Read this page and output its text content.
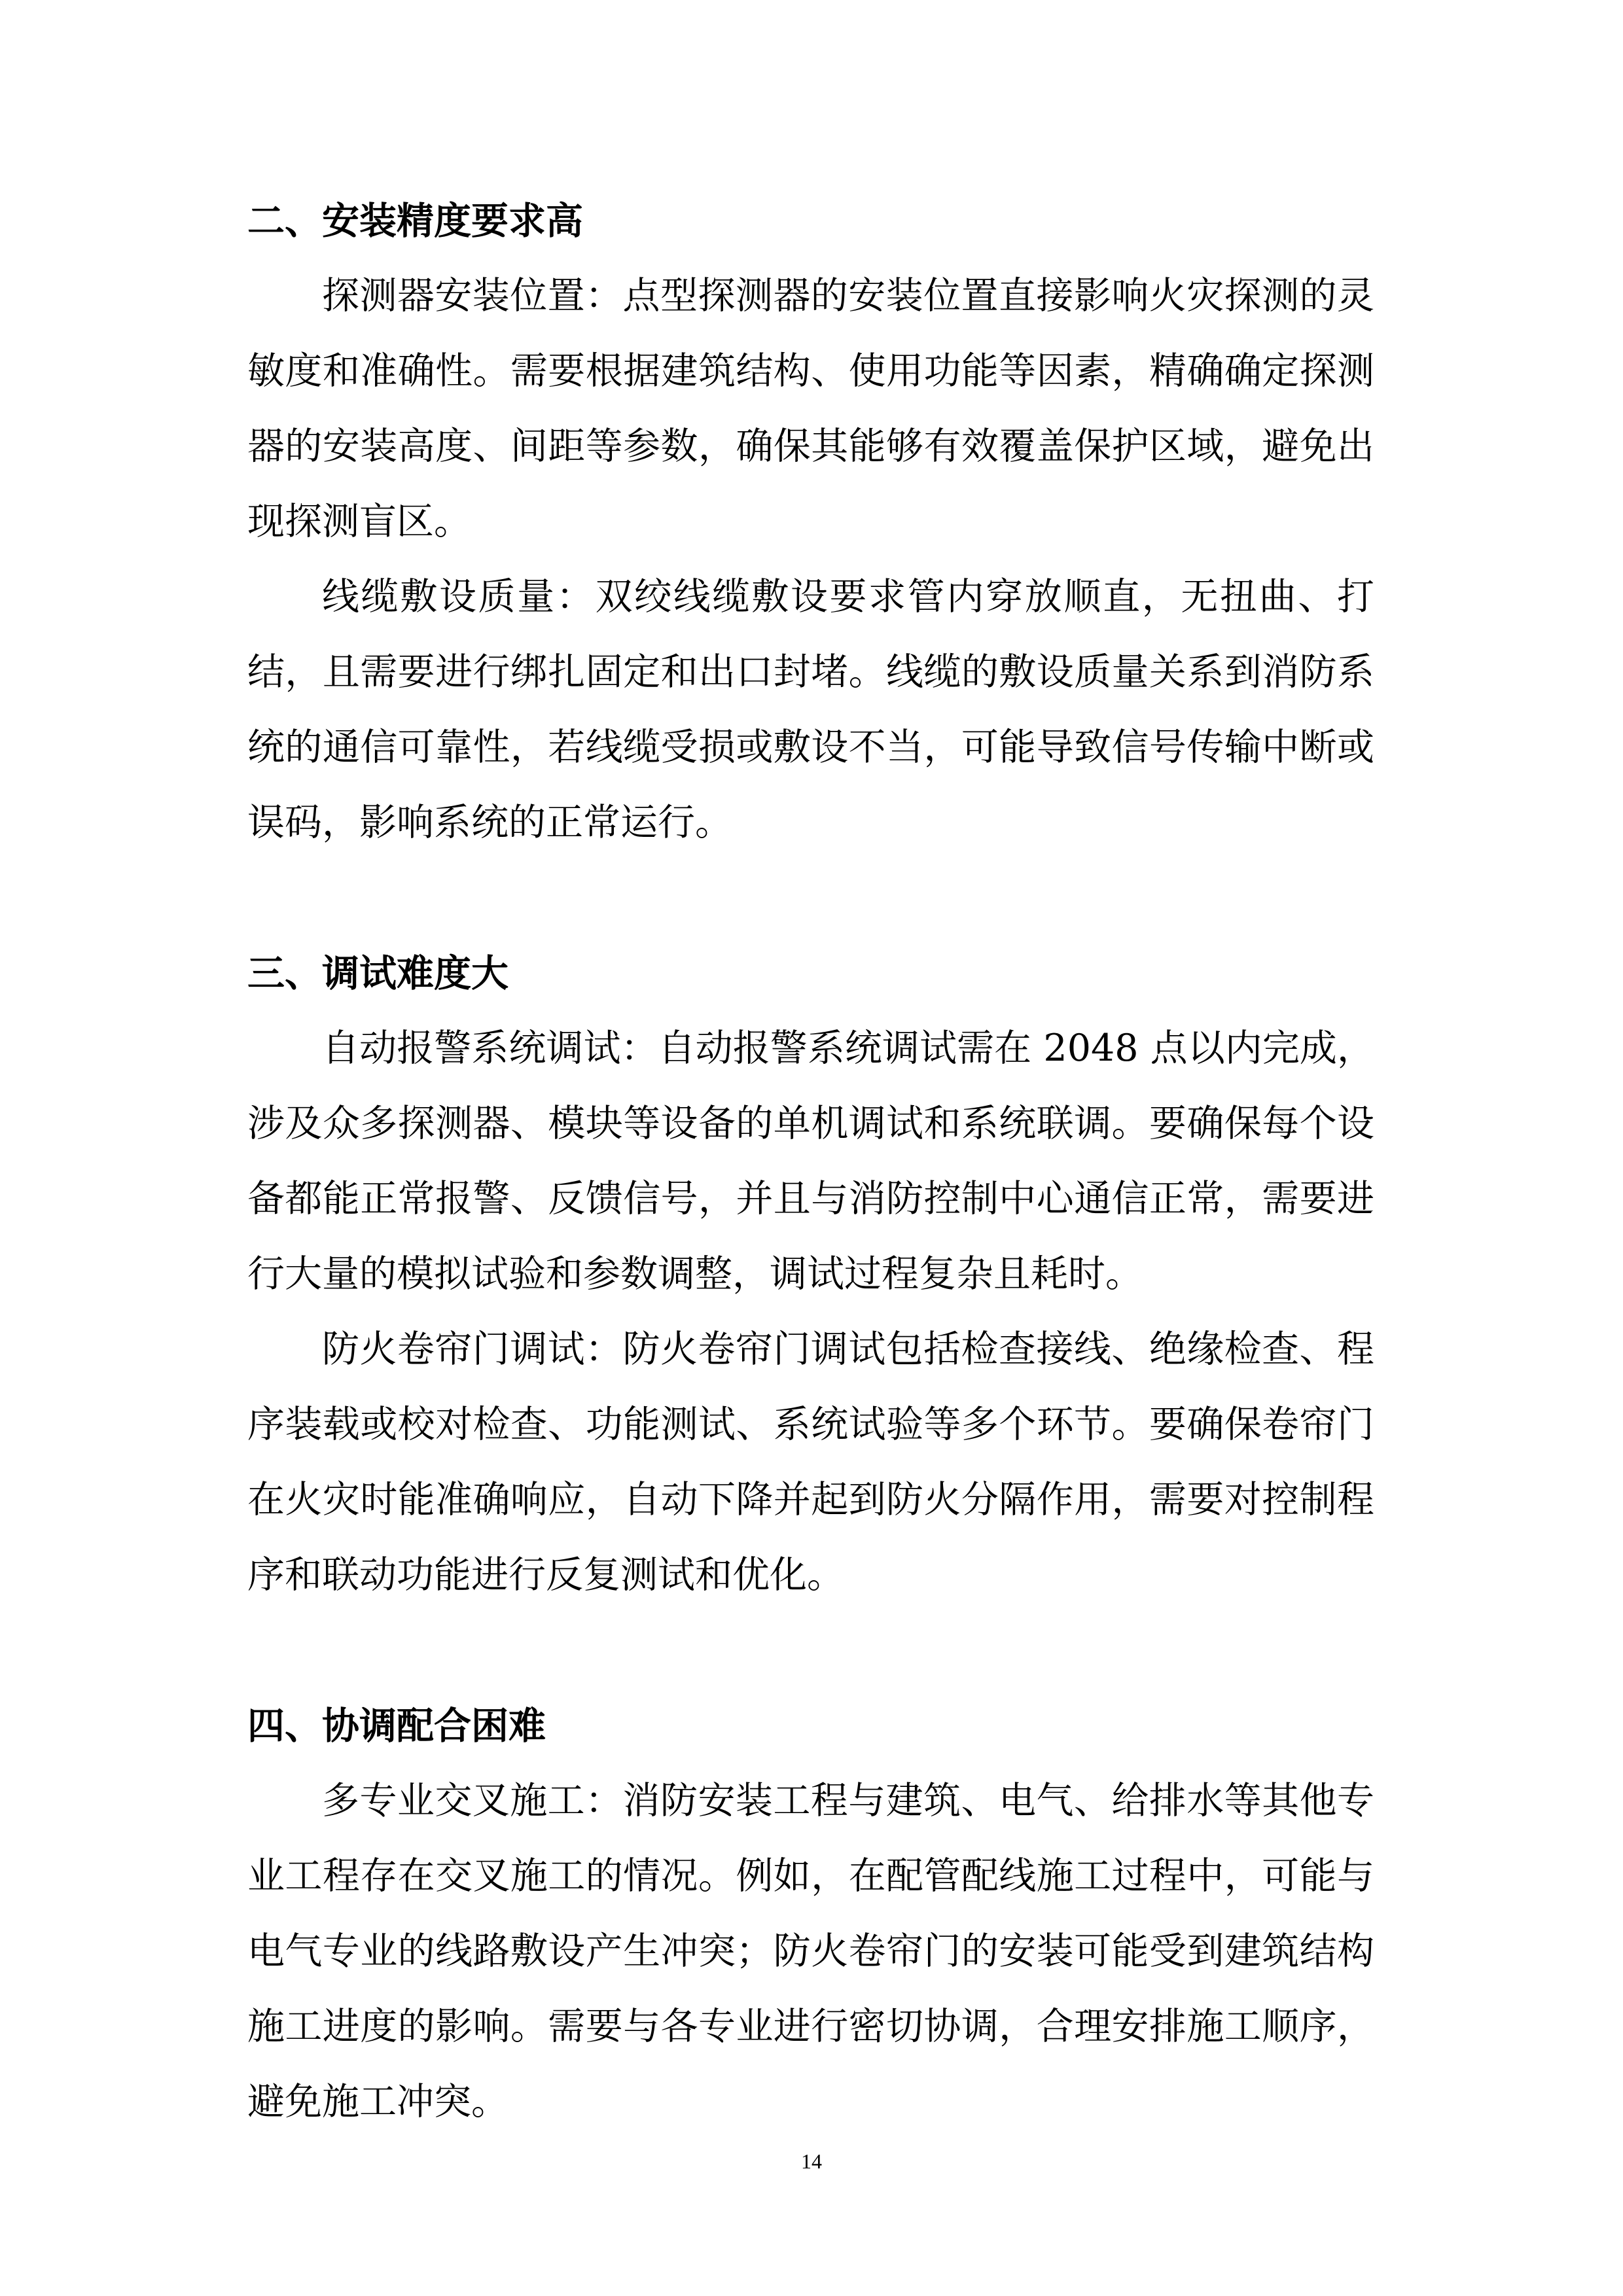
二、安装精度要求高

探测器安装位置：点型探测器的安装位置直接影响火灾探测的灵敏度和准确性。需要根据建筑结构、使用功能等因素，精确确定探测器的安装高度、间距等参数，确保其能够有效覆盖保护区域，避免出现探测盲区。

线缆敷设质量：双绞线缆敷设要求管内穿放顺直，无扭曲、打结，且需要进行绑扎固定和出口封堵。线缆的敷设质量关系到消防系统的通信可靠性，若线缆受损或敷设不当，可能导致信号传输中断或误码，影响系统的正常运行。

三、调试难度大

自动报警系统调试：自动报警系统调试需在 2048 点以内完成，涉及众多探测器、模块等设备的单机调试和系统联调。要确保每个设备都能正常报警、反馈信号，并且与消防控制中心通信正常，需要进行大量的模拟试验和参数调整，调试过程复杂且耗时。

防火卷帘门调试：防火卷帘门调试包括检查接线、绝缘检查、程序装载或校对检查、功能测试、系统试验等多个环节。要确保卷帘门在火灾时能准确响应，自动下降并起到防火分隔作用，需要对控制程序和联动功能进行反复测试和优化。

四、协调配合困难

多专业交叉施工：消防安装工程与建筑、电气、给排水等其他专业工程存在交叉施工的情况。例如，在配管配线施工过程中，可能与电气专业的线路敷设产生冲突；防火卷帘门的安装可能受到建筑结构施工进度的影响。需要与各专业进行密切协调，合理安排施工顺序，避免施工冲突。

14
